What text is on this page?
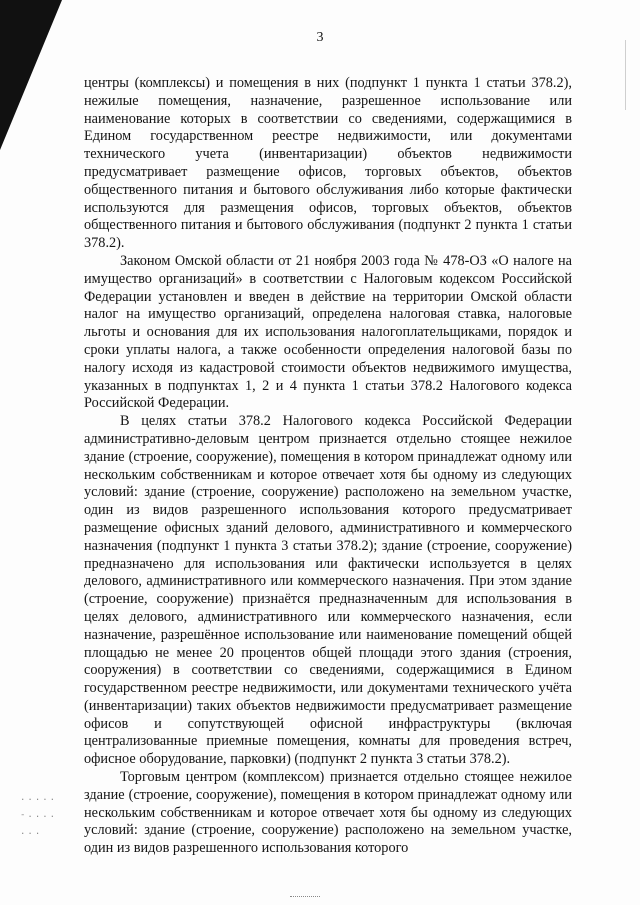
3

центры (комплексы) и помещения в них (подпункт 1 пункта 1 статьи 378.2), нежилые помещения, назначение, разрешенное использование или наименование которых в соответствии со сведениями, содержащимися в Едином государственном реестре недвижимости, или документами технического учета (инвентаризации) объектов недвижимости предусматривает размещение офисов, торговых объектов, объектов общественного питания и бытового обслуживания либо которые фактически используются для размещения офисов, торговых объектов, объектов общественного питания и бытового обслуживания (подпункт 2 пункта 1 статьи 378.2).

Законом Омской области от 21 ноября 2003 года № 478-ОЗ «О налоге на имущество организаций» в соответствии с Налоговым кодексом Российской Федерации установлен и введен в действие на территории Омской области налог на имущество организаций, определена налоговая ставка, налоговые льготы и основания для их использования налогоплательщиками, порядок и сроки уплаты налога, а также особенности определения налоговой базы по налогу исходя из кадастровой стоимости объектов недвижимого имущества, указанных в подпунктах 1, 2 и 4 пункта 1 статьи 378.2 Налогового кодекса Российской Федерации.

В целях статьи 378.2 Налогового кодекса Российской Федерации административно-деловым центром признается отдельно стоящее нежилое здание (строение, сооружение), помещения в котором принадлежат одному или нескольким собственникам и которое отвечает хотя бы одному из следующих условий: здание (строение, сооружение) расположено на земельном участке, один из видов разрешенного использования которого предусматривает размещение офисных зданий делового, административного и коммерческого назначения (подпункт 1 пункта 3 статьи 378.2); здание (строение, сооружение) предназначено для использования или фактически используется в целях делового, административного или коммерческого назначения. При этом здание (строение, сооружение) признаётся предназначенным для использования в целях делового, административного или коммерческого назначения, если назначение, разрешённое использование или наименование помещений общей площадью не менее 20 процентов общей площади этого здания (строения, сооружения) в соответствии со сведениями, содержащимися в Едином государственном реестре недвижимости, или документами технического учёта (инвентаризации) таких объектов недвижимости предусматривает размещение офисов и сопутствующей офисной инфраструктуры (включая централизованные приемные помещения, комнаты для проведения встреч, офисное оборудование, парковки) (подпункт 2 пункта 3 статьи 378.2).

Торговым центром (комплексом) признается отдельно стоящее нежилое здание (строение, сооружение), помещения в котором принадлежат одному или нескольким собственникам и которое отвечает хотя бы одному из следующих условий: здание (строение, сооружение) расположено на земельном участке, один из видов разрешенного использования которого

.....
-....
...
